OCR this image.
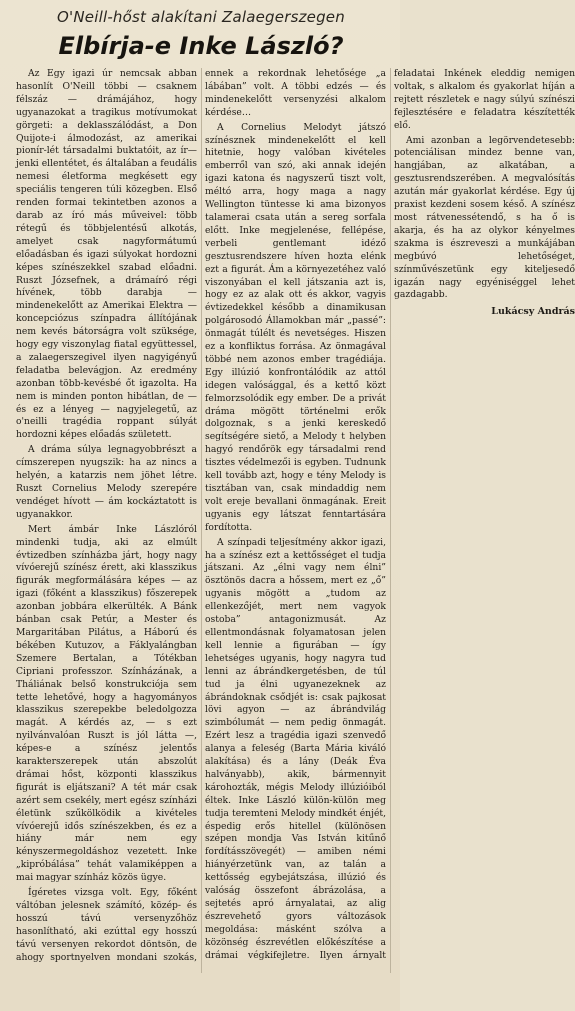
O'Neill-hőst alakítani Zalaegerszegen
Elbírja-e Inke László?

Az Egy igazi úr nemcsak abban hasonlít O'Neill többi — csaknem félszáz — drámájához, hogy ugyanazokat a tragikus motívumokat görgeti: a deklasszálódást, a Don Quijote-i álmodozást, az amerikai pionír-lét társadalmi buktatóit, az ír—jenki ellentétet, és általában a feudális nemesi életforma megkésett egy speciális tengeren túli közegben. Első renden formai tekintetben azonos a darab az író más műveivel: több rétegű és többjelentésű alkotás, amelyet csak nagyformátumú előadásban és igazi súlyokat hordozni képes színészekkel szabad előadni. Ruszt Józsefnek, a drámaíró régi hívének, több darabja — mindenekelőtt az Amerikai Elektra — koncepciózus színpadra állítójának nem kevés bátorságra volt szüksége, hogy egy viszonylag fiatal együttessel, a zalaegerszegivel ilyen nagyigényű feladatba belevágjon. Az eredmény azonban több-kevésbé őt igazolta. Ha nem is minden ponton hibátlan, de — és ez a lényeg — nagyjelegetű, az o'neilli tragédia roppant súlyát hordozni képes előadás született.

A dráma súlya legnagyobbrészt a címszerepen nyugszik: ha az nincs a helyén, a katarzis nem jöhet létre. Ruszt Cornelius Melody szerepére vendéget hívott — ám kockáztatott is ugyanakkor.

Mert ámbár Inke Lászlóról mindenki tudja, aki az elmúlt évtizedben színházba járt, hogy nagy vívóerejű színész érett, aki klasszikus figurák megformálására képes — az igazi (főként a klasszikus) főszerepek azonban jobbára elkerülték. A Bánk bánban csak Petúr, a Mester és Margaritában Pilátus, a Háború és békében Kutuzov, a Fáklyalángban Szemere Bertalan, a Tótékban Cipriani professzor. Színházának, a Tháliának belső konstrukciója sem tette lehetővé, hogy a hagyományos klasszikus szerepekbe beledolgozza magát. A kérdés az, — s ezt nyilvánvalóan Ruszt is jól látta —, képes-e a színész jelentős karakterszerepek után abszolút drámai hőst, központi klasszikus figurát is eljátszani? A tét már csak azért sem csekély, mert egész színházi életünk szűkölködik a kivételes vívóerejű idős színészekben, és ez a hiány már nem egy kényszermegoldáshoz vezetett. Inke „kipróbálása” tehát valamiképpen a mai magyar színház közös ügye.

Ígéretes vizsga volt. Egy, főként váltóban jelesnek számító, közép- és hosszú távú versenyzőhöz hasonlítható, aki ezúttal egy hosszú távú versenyen rekordot döntsön, de ahogy sportnyelven mondani szokás, ennek a rekordnak lehetősége „a lábában” volt. A többi edzés — és mindenekelőtt versenyzési alkalom kérdése…

A Cornelius Melodyt játszó színésznek mindenekelőtt el kell hitetnie, hogy valóban kivételes emberről van szó, aki annak idején igazi katona és nagyszerű tiszt volt, méltó arra, hogy maga a nagy Wellington tüntesse ki ama bizonyos talamerai csata után a sereg sorfala előtt. Inke megjelenése, fellépése, verbeli gentlemant idéző gesztusrendszere híven hozta elénk ezt a figurát. Ám a környezetéhez való viszonyában el kell játszania azt is, hogy ez az alak ott és akkor, vagyis évtizedekkel később a dinamikusan polgárosodó Államokban már „passé”: önmagát túlélt és nevetséges. Hiszen ez a konfliktus forrása. Az önmagával többé nem azonos ember tragédiája. Egy illúzió konfrontálódik az attól idegen valósággal, és a kettő közt felmorzsolódik egy ember. De a privát dráma mögött történelmi erők dolgoznak, s a jenki kereskedő segítségére siető, a Melody t helyben hagyó rendőrök egy társadalmi rend tisztes védelmezői is egyben. Tudnunk kell tovább azt, hogy e tény Melody is tisztában van, csak mindaddig nem volt ereje bevallani önmagának. Ereit ugyanis egy látszat fenntartására fordította.

A színpadi teljesítmény akkor igazi, ha a színész ezt a kettősséget el tudja játszani. Az „élni vagy nem élni” ösztönös dacra a hőssem, mert ez „ő” ugyanis mögött a „tudom az ellenkezőjét, mert nem vagyok ostoba” antagonizmusát. Az ellentmondásnak folyamatosan jelen kell lennie a figurában — így lehetséges ugyanis, hogy nagyra tud lenni az ábrándkergetésben, de túl tud ja élni ugyanezeknek az ábrándoknak csődjét is: csak pajkosat lövi agyon — az ábrándvilág szimbólumát — nem pedig önmagát. Ezért lesz a tragédia igazi szenvedő alanya a feleség (Barta Mária kiváló alakítása) és a lány (Deák Éva halványabb), akik, bármennyit károhozták, mégis Melody illúzióiból éltek. Inke László külön-külön meg tudja teremteni Melody mindkét énjét, éspedig erős hitellel (különösen szépen mondja Vas István kitűnő fordításszövegét) — amiben némi hiányérzetünk van, az talán a kettősség egybejátszása, illúzió és valóság összefont ábrázolása, a sejtetés apró árnyalatai, az alig észrevehető gyors változások megoldása: másként szólva a közönség észrevétlen előkészítése a drámai végkifejletre. Ilyen árnyalt feladatai Inkének eleddig nemigen voltak, s alkalom és gyakorlat híján a rejtett részletek e nagy súlyú színészi fejlesztésére e feladatra készítették elő.

Ami azonban a legörvendetesebb: potenciálisan mindez benne van, hangjában, az alkatában, a gesztusrendszerében. A megvalósítás azután már gyakorlat kérdése. Egy új praxist kezdeni sosem késő. A színész most rátvenessétendő, s ha ő is akarja, és ha az olykor kényelmes szakma is észreveszi a munkájában megbúvó lehetőséget, színművészetünk egy kiteljesedő igazán nagy egyéniséggel lehet gazdagabb.

Lukácsy András
